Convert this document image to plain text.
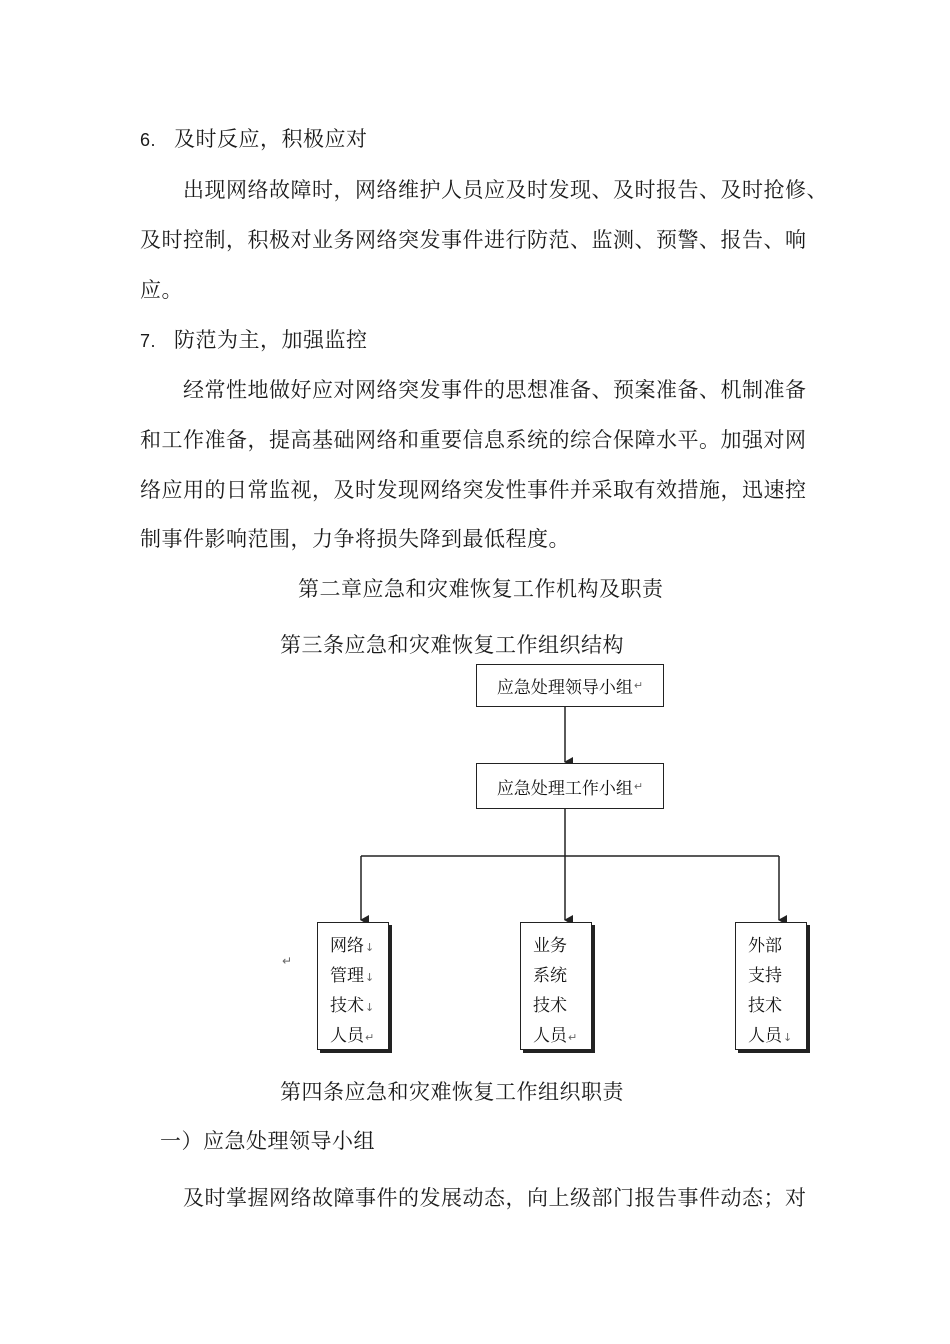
6. 及时反应，积极应对
出现网络故障时，网络维护人员应及时发现、及时报告、及时抢修、
及时控制，积极对业务网络突发事件进行防范、监测、预警、报告、响
应。
7. 防范为主，加强监控
经常性地做好应对网络突发事件的思想准备、预案准备、机制准备
和工作准备，提高基础网络和重要信息系统的综合保障水平。加强对网
络应用的日常监视，及时发现网络突发性事件并采取有效措施，迅速控
制事件影响范围，力争将损失降到最低程度。
第二章应急和灾难恢复工作机构及职责
第三条应急和灾难恢复工作组织结构
应急处理领导小组 ↵
应急处理工作小组 ↵
网络↓
管理↓
技术↓
人员↵
业务
系统
技术
人员↵
外部
支持
技术
人员↓
↵
第四条应急和灾难恢复工作组织职责
一）应急处理领导小组
及时掌握网络故障事件的发展动态，向上级部门报告事件动态；对
